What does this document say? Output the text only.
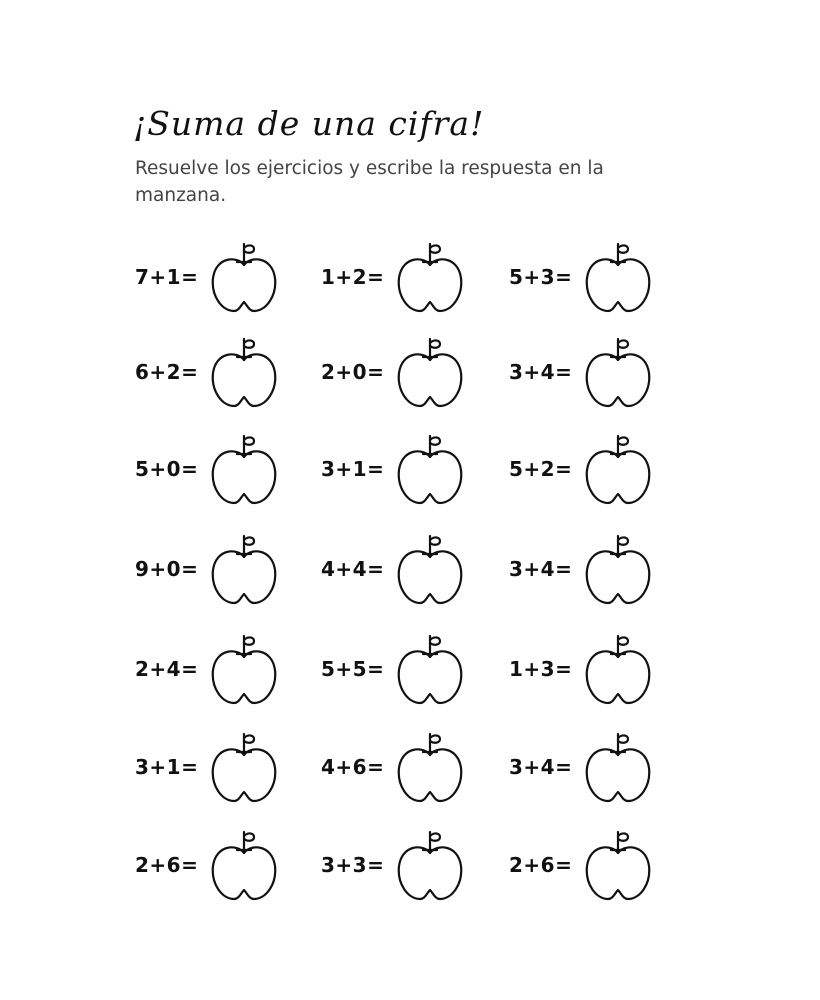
¡Suma de una cifra!

Resuelve los ejercicios y escribe la respuesta en la manzana.

7+1=	1+2=	5+3=
6+2=	2+0=	3+4=
5+0=	3+1=	5+2=
9+0=	4+4=	3+4=
2+4=	5+5=	1+3=
3+1=	4+6=	3+4=
2+6=	3+3=	2+6=
